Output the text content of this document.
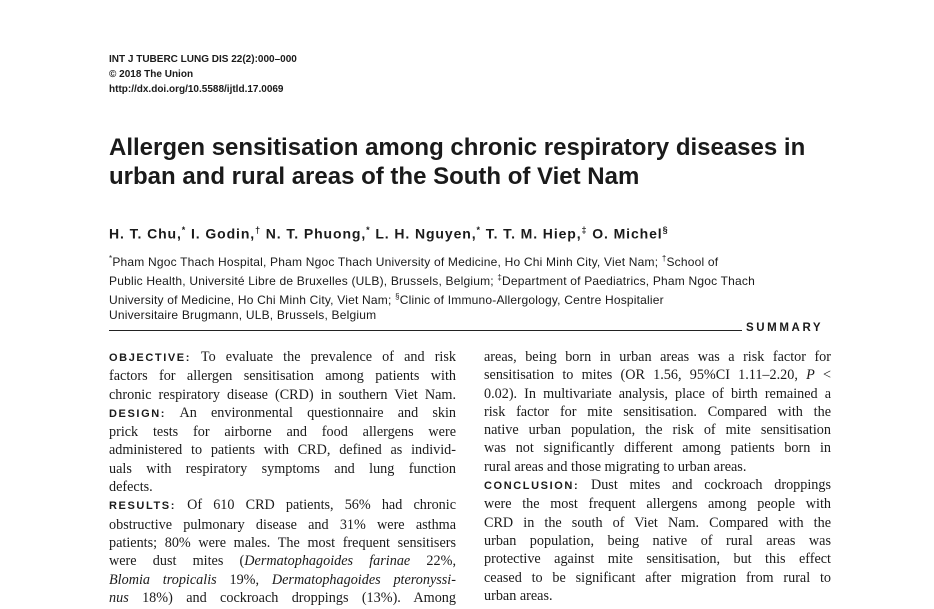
INT J TUBERC LUNG DIS 22(2):000–000
© 2018 The Union
http://dx.doi.org/10.5588/ijtld.17.0069
Allergen sensitisation among chronic respiratory diseases in
urban and rural areas of the South of Viet Nam
H. T. Chu,* I. Godin,† N. T. Phuong,* L. H. Nguyen,* T. T. M. Hiep,‡ O. Michel§
*Pham Ngoc Thach Hospital, Pham Ngoc Thach University of Medicine, Ho Chi Minh City, Viet Nam; †School of
Public Health, Université Libre de Bruxelles (ULB), Brussels, Belgium; ‡Department of Paediatrics, Pham Ngoc Thach
University of Medicine, Ho Chi Minh City, Viet Nam; §Clinic of Immuno-Allergology, Centre Hospitalier
Universitaire Brugmann, ULB, Brussels, Belgium
SUMMARY

OBJECTIVE: To evaluate the prevalence of and risk
factors for allergen sensitisation among patients with
chronic respiratory disease (CRD) in southern Viet Nam.

DESIGN: An environmental questionnaire and skin
prick tests for airborne and food allergens were
administered to patients with CRD, defined as individ-
uals with respiratory symptoms and lung function
defects.

RESULTS: Of 610 CRD patients, 56% had chronic
obstructive pulmonary disease and 31% were asthma
patients; 80% were males. The most frequent sensitisers
were dust mites (Dermatophagoides farinae 22%,
Blomia tropicalis 19%, Dermatophagoides pteronyssi-
nus 18%) and cockroach droppings (13%). Among

areas, being born in urban areas was a risk factor for
sensitisation to mites (OR 1.56, 95%CI 1.11–2.20, P <
0.02). In multivariate analysis, place of birth remained a
risk factor for mite sensitisation. Compared with the
native urban population, the risk of mite sensitisation
was not significantly different among patients born in
rural areas and those migrating to urban areas.

CONCLUSION: Dust mites and cockroach droppings
were the most frequent allergens among people with
CRD in the south of Viet Nam. Compared with the
urban population, being native of rural areas was
protective against mite sensitisation, but this effect
ceased to be significant after migration from rural to
urban areas.
